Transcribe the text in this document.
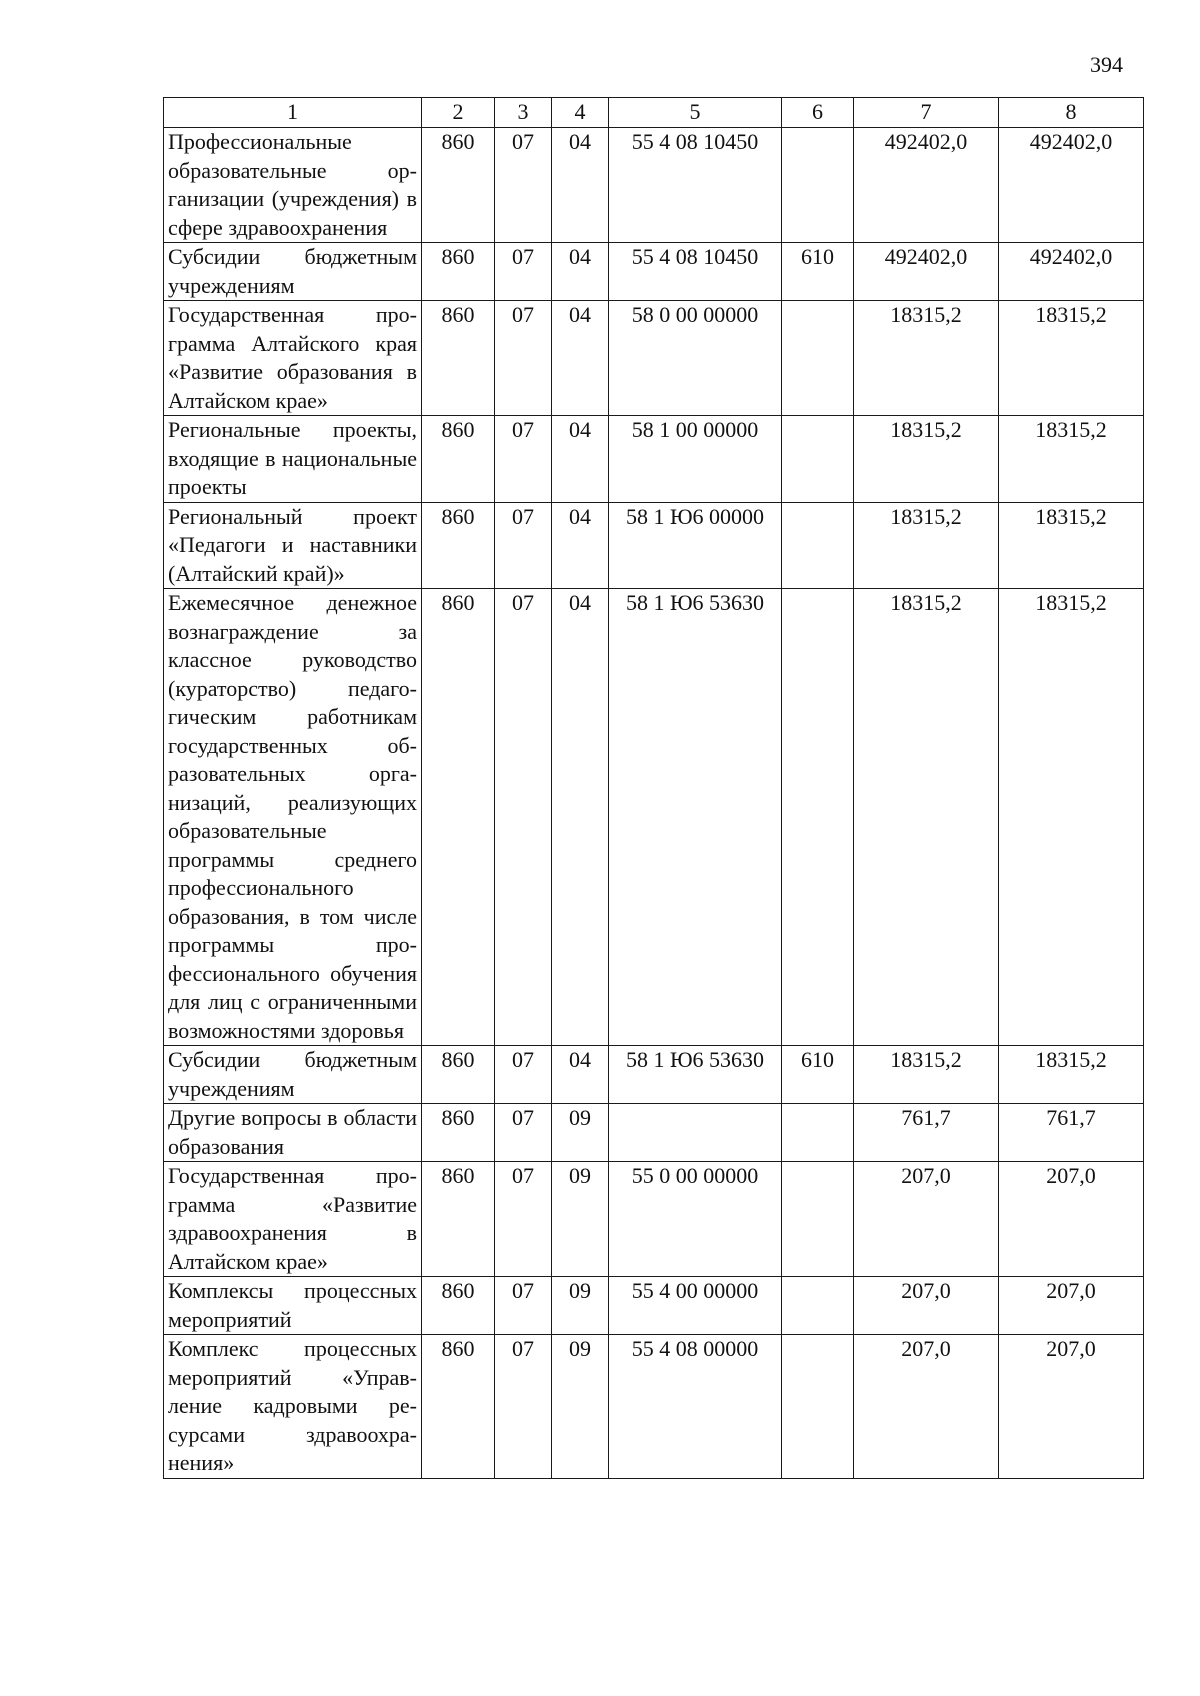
394
1	2	3	4	5	6	7	8
Профессиональные образовательные организации (учреждения) в сфере здравоохранения	860	07	04	55 4 08 10450		492402,0	492402,0
Субсидии бюджетным учреждениям	860	07	04	55 4 08 10450	610	492402,0	492402,0
Государственная программа Алтайского края «Развитие образования в Алтайском крае»	860	07	04	58 0 00 00000		18315,2	18315,2
Региональные проекты, входящие в национальные проекты	860	07	04	58 1 00 00000		18315,2	18315,2
Региональный проект «Педагоги и наставники (Алтайский край)»	860	07	04	58 1 Ю6 00000		18315,2	18315,2
Ежемесячное денежное вознаграждение за классное руководство (кураторство) педагогическим работникам государственных образовательных организаций, реализующих образовательные программы среднего профессионального образования, в том числе программы профессионального обучения для лиц с ограниченными возможностями здоровья	860	07	04	58 1 Ю6 53630		18315,2	18315,2
Субсидии бюджетным учреждениям	860	07	04	58 1 Ю6 53630	610	18315,2	18315,2
Другие вопросы в области образования	860	07	09			761,7	761,7
Государственная программа «Развитие здравоохранения в Алтайском крае»	860	07	09	55 0 00 00000		207,0	207,0
Комплексы процессных мероприятий	860	07	09	55 4 00 00000		207,0	207,0
Комплекс процессных мероприятий «Управление кадровыми ресурсами здравоохранения»	860	07	09	55 4 08 00000		207,0	207,0
